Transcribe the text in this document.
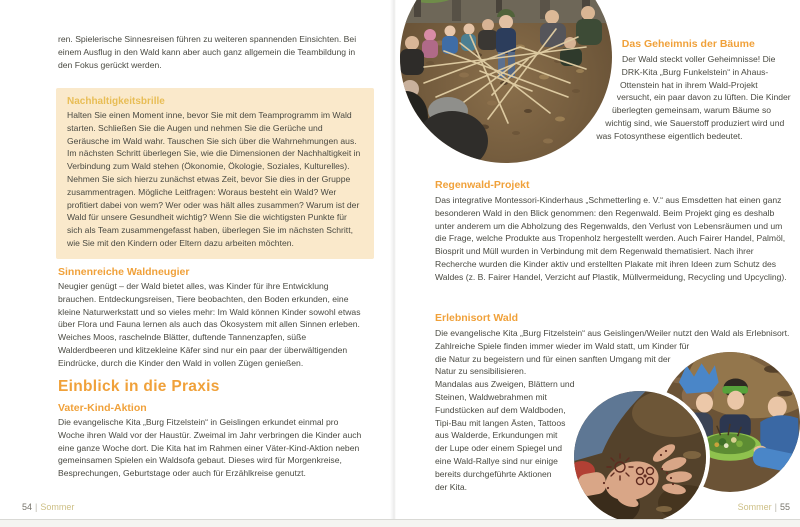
ren. Spielerische Sinnesreisen führen zu weiteren spannenden Einsichten. Bei einem Ausflug in den Wald kann aber auch ganz allgemein die Teambildung in den Fokus gerückt werden.

Nachhaltigkeitsbrille

Halten Sie einen Moment inne, bevor Sie mit dem Teamprogramm im Wald starten. Schließen Sie die Augen und nehmen Sie die Gerüche und Geräusche im Wald wahr. Tauschen Sie sich über die Wahrnehmungen aus.

Im nächsten Schritt überlegen Sie, wie die Dimensionen der Nachhaltigkeit in Verbindung zum Wald stehen (Ökonomie, Ökologie, Soziales, Kulturelles). Nehmen Sie sich hierzu zunächst etwas Zeit, bevor Sie dies in der Gruppe zusammentragen. Mögliche Leitfragen: Woraus besteht ein Wald? Wer profitiert dabei von wem? Wer oder was hält alles zusammen? Warum ist der Wald für unsere Gesundheit wichtig? Wenn Sie die wichtigsten Punkte für sich als Team zusammengefasst haben, überlegen Sie im nächsten Schritt, wie Sie mit den Kindern oder Eltern dazu arbeiten möchten.

Sinnenreiche Waldneugier

Neugier genügt – der Wald bietet alles, was Kinder für ihre Entwicklung brauchen. Entdeckungsreisen, Tiere beobachten, den Boden erkunden, eine kleine Naturwerkstatt und so vieles mehr: Im Wald können Kinder sowohl etwas über Flora und Fauna lernen als auch das Ökosystem mit allen Sinnen erleben. Weiches Moos, raschelnde Blätter, duftende Tannenzapfen, süße Walderdbeeren und klitzekleine Käfer sind nur ein paar der überwältigenden Eindrücke, durch die Kinder den Wald in vollen Zügen genießen.

Einblick in die Praxis
Vater-Kind-Aktion

Die evangelische Kita „Burg Fitzelstein“ in Geislingen erkundet einmal pro Woche ihren Wald vor der Haustür. Zweimal im Jahr verbringen die Kinder auch eine ganze Woche dort. Die Kita hat im Rahmen einer Väter-Kind-Aktion neben gemeinsamen Spielen ein Waldsofa gebaut. Dieses wird für Morgenkreise, Besprechungen, Geburtstage oder auch für Erzählkreise genutzt.

54 | Sommer
Das Geheimnis der Bäume

Der Wald steckt voller Geheimnisse! Die DRK-Kita „Burg Funkelstein“ in Ahaus-Ottenstein hat in ihrem Wald-Projekt versucht, ein paar davon zu lüften. Die Kinder überlegten gemeinsam, warum Bäume so wichtig sind, wie Sauerstoff produziert wird und was Fotosynthese eigentlich bedeutet.

Regenwald-Projekt

Das integrative Montessori-Kinderhaus „Schmetterling e. V.“ aus Emsdetten hat einen ganz besonderen Wald in den Blick genommen: den Regenwald. Beim Projekt ging es deshalb unter anderem um die Abholzung des Regenwalds, den Verlust von Lebensräumen und um die Frage, welche Produkte aus Tropenholz hergestellt werden. Auch Fairer Handel, Palmöl, Biosprit und Müll wurden in Verbindung mit dem Regenwald thematisiert. Nach ihrer Recherche wurden die Kinder aktiv und erstellten Plakate mit ihren Ideen zum Schutz des Waldes (z. B. Fairer Handel, Verzicht auf Plastik, Müllvermeidung, Recycling und Upcycling).

Erlebnisort Wald

Die evangelische Kita „Burg Fitzelstein“ aus Geislingen/Weiler nutzt den Wald als Erlebnisort. Zahlreiche Spiele finden immer wieder im Wald statt, um Kinder für die Natur zu begeistern und für einen sanften Umgang mit der Natur zu sensibilisieren.

Mandalas aus Zweigen, Blättern und Steinen, Waldwebrahmen mit Fundstücken auf dem Waldboden, Tipi-Bau mit langen Ästen, Tattoos aus Walderde, Erkundungen mit der Lupe oder einem Spiegel und eine Wald-Rallye sind nur einige bereits durchgeführte Aktionen der Kita.

Sommer | 55
